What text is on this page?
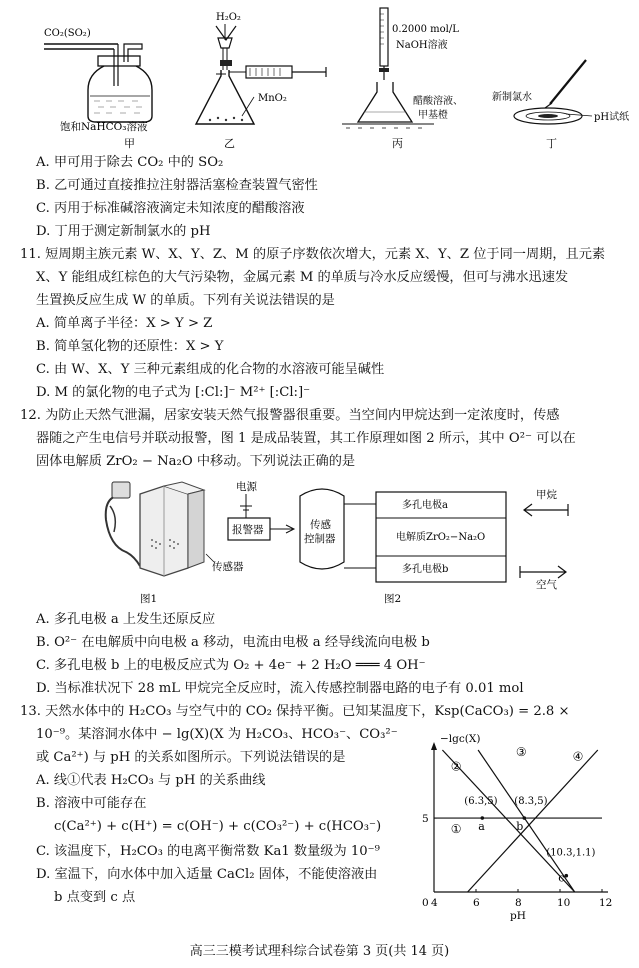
CO₂(SO₂)
饱和NaHCO₃溶液
甲
H₂O₂
MnO₂
乙
0.2000 mol/L
NaOH溶液
醋酸溶液、
甲基橙
丙
新制氯水
pH试纸
丁
A. 甲可用于除去 CO₂ 中的 SO₂
B. 乙可通过直接推拉注射器活塞检查装置气密性
C. 丙用于标准碱溶液滴定未知浓度的醋酸溶液
D. 丁用于测定新制氯水的 pH
11. 短周期主族元素 W、X、Y、Z、M 的原子序数依次增大，元素 X、Y、Z 位于同一周期，且元素
X、Y 能组成红棕色的大气污染物，金属元素 M 的单质与冷水反应缓慢，但可与沸水迅速发
生置换反应生成 W 的单质。下列有关说法错误的是
A. 简单离子半径：X > Y > Z
B. 简单氢化物的还原性：X > Y
C. 由 W、X、Y 三种元素组成的化合物的水溶液可能呈碱性
D. M 的氯化物的电子式为 [:Cl:]⁻ M²⁺ [:Cl:]⁻
12. 为防止天然气泄漏，居家安装天然气报警器很重要。当空间内甲烷达到一定浓度时，传感
器随之产生电信号并联动报警，图 1 是成品装置，其工作原理如图 2 所示，其中 O²⁻ 可以在
固体电解质 ZrO₂ − Na₂O 中移动。下列说法正确的是
传感器
图1
电源
报警器	传感
控制器
多孔电极a
电解质ZrO₂−Na₂O
多孔电极b
甲烷
空气
图2
A. 多孔电极 a 上发生还原反应
B. O²⁻ 在电解质中向电极 a 移动，电流由电极 a 经导线流向电极 b
C. 多孔电极 b 上的电极反应式为 O₂ + 4e⁻ + 2 H₂O ═══ 4 OH⁻
D. 当标准状况下 28 mL 甲烷完全反应时，流入传感控制器电路的电子有 0.01 mol
13. 天然水体中的 H₂CO₃ 与空气中的 CO₂ 保持平衡。已知某温度下，Ksp(CaCO₃) = 2.8 ×
10⁻⁹。某溶洞水体中 − lg(X)(X 为 H₂CO₃、HCO₃⁻、CO₃²⁻
或 Ca²⁺) 与 pH 的关系如图所示。下列说法错误的是
A. 线①代表 H₂CO₃ 与 pH 的关系曲线
B. 溶液中可能存在
c(Ca²⁺) + c(H⁺) = c(OH⁻) + c(CO₃²⁻) + c(HCO₃⁻)
C. 该温度下，H₂CO₃ 的电离平衡常数 Ka1 数量级为 10⁻⁹
D. 室温下，向水体中加入适量 CaCl₂ 固体，不能使溶液由
b 点变到 c 点
−lgc(X)
pH
4	6	8	10	12
5
0
①
②
③	④
(6.3,5)
a
(8.3,5)
b
(10.3,1.1)
c
高三三模考试理科综合试卷第 3 页(共 14 页)
